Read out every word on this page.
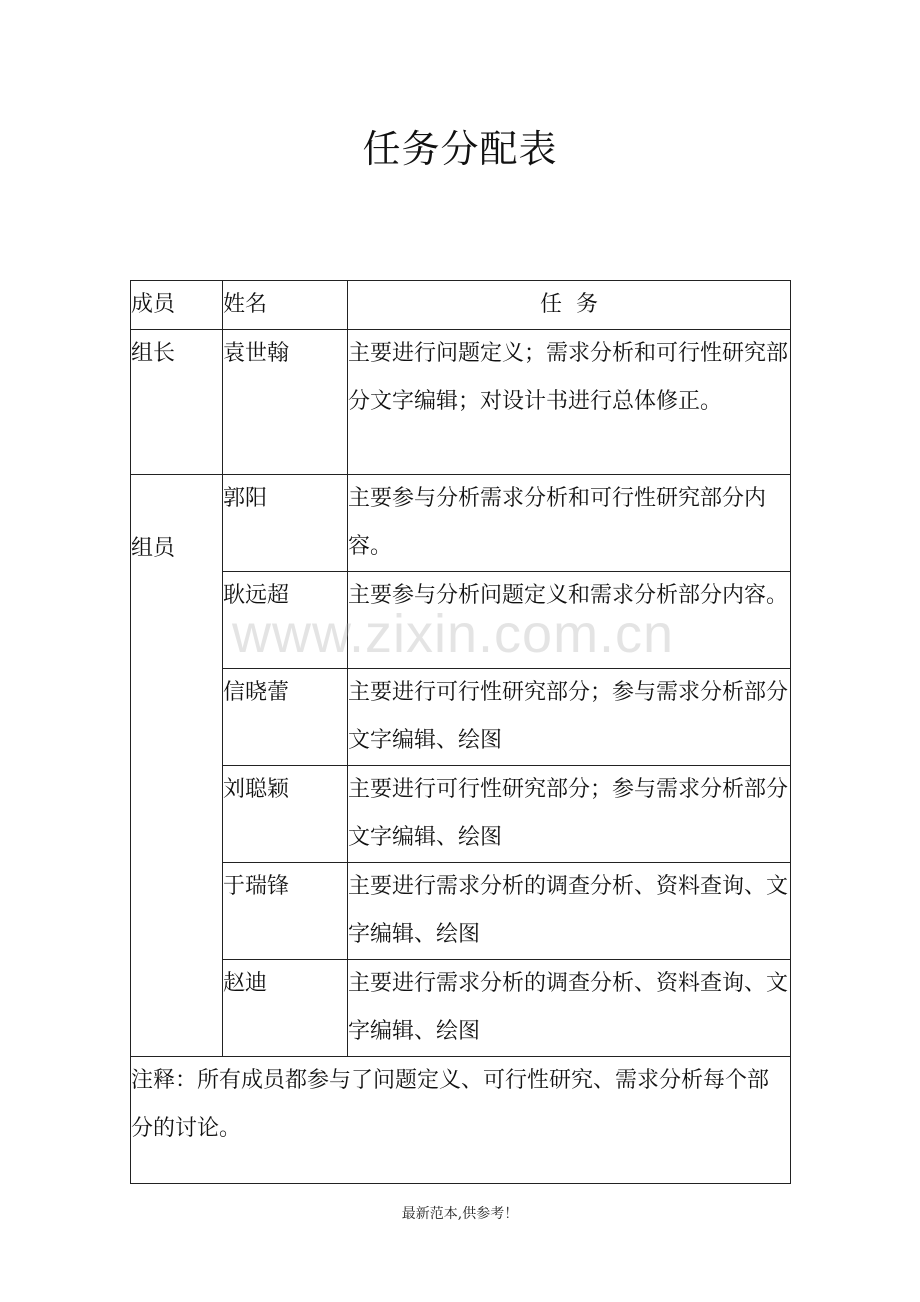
任务分配表
成员	姓名	任  务
组长	袁世翰	主要进行问题定义；需求分析和可行性研究部分文字编辑；对设计书进行总体修正。

组员	郭阳	主要参与分析需求分析和可行性研究部分内容。
	耿远超	主要参与分析问题定义和需求分析部分内容。
	信晓蕾	主要进行可行性研究部分；参与需求分析部分文字编辑、绘图
	刘聪颖	主要进行可行性研究部分；参与需求分析部分文字编辑、绘图
	于瑞锋	主要进行需求分析的调查分析、资料查询、文字编辑、绘图
	赵迪	主要进行需求分析的调查分析、资料查询、文字编辑、绘图
注释：所有成员都参与了问题定义、可行性研究、需求分析每个部分的讨论。		
www.zixin.com.cn
最新范本,供参考！
